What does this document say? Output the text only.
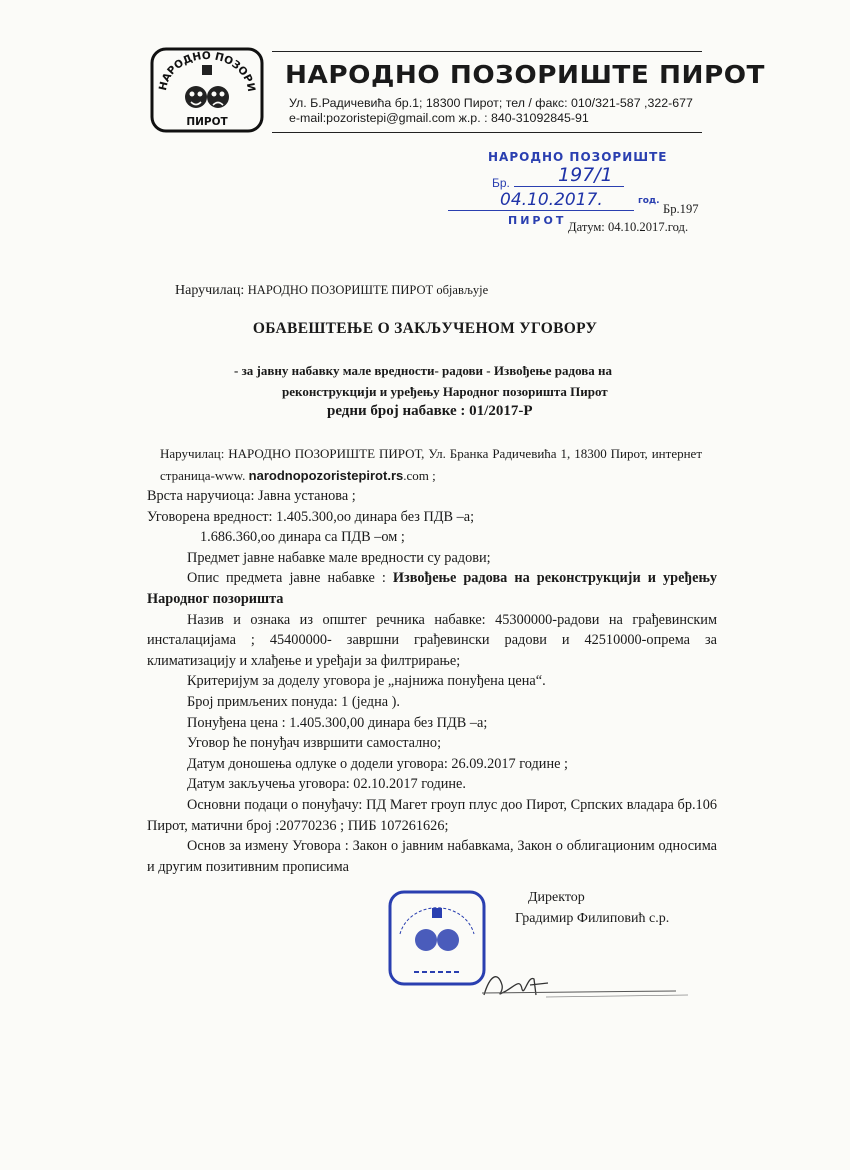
НАРОДНО ПОЗОРИ
ПИРОТ
НАРОДНО ПОЗОРИШТЕ ПИРОТ
Ул. Б.Радичевића бр.1; 18300 Пирот; тел / факс: 010/321-587 ,322-677
e-mail:pozoristepi@gmail.com ж.р. : 840-31092845-91
НАРОДНО ПОЗОРИШТЕ
Бр.	197/1
04.10.2017.	год.
ПИРОТ
Бр.197
Датум: 04.10.2017.год.
Наручилац: НАРОДНО ПОЗОРИШТЕ ПИРОТ објављује
ОБАВЕШТЕЊЕ О ЗАКЉУЧЕНОМ УГОВОРУ
- за јавну набавку мале вредности- радови - Извођење радова на
реконструкцији и уређењу Народног позоришта Пирот
редни број набавке : 01/2017-Р
Наручилац: НАРОДНО ПОЗОРИШТЕ ПИРОТ, Ул. Бранка Радичевића 1, 18300 Пирот, интернет страница-www. narodnopozoristepirot.rs.com ;
Врста наручиоца: Јавна установа ;
Уговорена вредност: 1.405.300,оо динара без ПДВ –а;
1.686.360,оо динара са ПДВ –ом ;
Предмет јавне набавке мале вредности су радови;
Опис предмета јавне набавке : Извођење радова на реконструкцији и уређењу Народног позоришта
Назив и ознака из општег речника набавке: 45300000-радови на грађевинским инсталацијама ; 45400000- завршни грађевински радови и 42510000-опрема за климатизацију и хлађење и уређаји за филтрирање;
Критеријум за доделу уговора је „најнижа понуђена цена“.
Број примљених понуда: 1 (једна ).
Понуђена цена : 1.405.300,00 динара без ПДВ –а;
Уговор ће понуђач извршити самостално;
Датум доношења одлуке о додели уговора: 26.09.2017 године ;
Датум закључења уговора: 02.10.2017 године.
Основни подаци о понуђачу: ПД Магет гроуп плус доо Пирот, Српских владара бр.106 Пирот, матични број :20770236 ; ПИБ 107261626;
Основ за измену Уговора : Закон о јавним набавкама, Закон о облигационим односима и другим позитивним прописима
Директор
Градимир Филиповић с.р.
